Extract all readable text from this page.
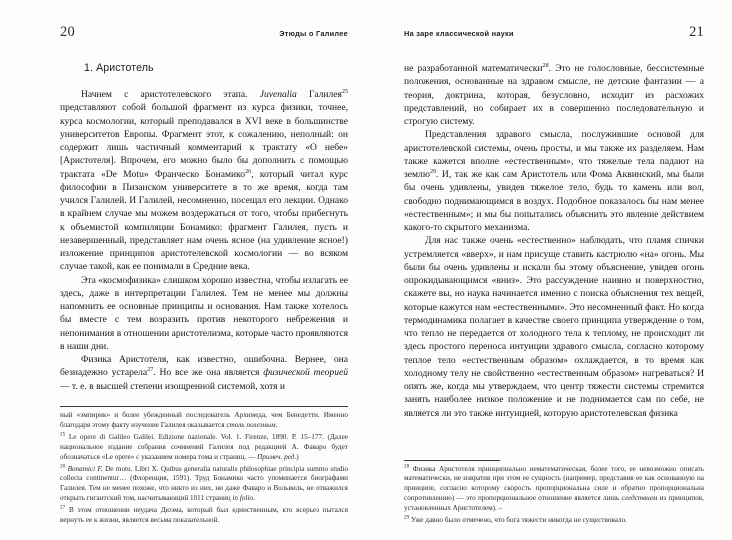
20	Этюды о Галилее
1. Аристотель

Начнем с аристотелевского этапа. Juvenalia Галилея$^{25}$ представляют собой большой фрагмент из курса физики, точнее, курса космологии, который преподавался в XVI веке в большинстве университетов Европы. Фрагмент этот, к сожалению, неполный: он содержит лишь частичный комментарий к трактату «О небе» [Аристотеля]. Впрочем, его можно было бы дополнить с помощью трактата «De Motu» Франческо Бонамико$^{26}$, который читал курс философии в Пизанском университете в то же время, когда там учился Галилей. И Галилей, несомненно, посещал его лекции. Однако в крайнем случае мы можем воздержаться от того, чтобы прибегнуть к объемистой компиляции Бонамико: фрагмент Галилея, пусть и незавершенный, представляет нам очень ясное (на удивление ясное!) изложение принципов аристотелевской космологии — во всяком случае такой, как ее понимали в Средние века.

Эта «космофизика» слишком хорошо известна, чтобы излагать ее здесь, даже в интерпретации Галилея. Тем не менее мы должны напомнить ее основные принципы и основания. Нам также хотелось бы вместе с тем возразить против некоторого небрежения и непонимания в отношении аристотелизма, которые часто проявляются в наши дни.

Физика Аристотеля, как известно, ошибочна. Вернее, она безнадежно устарела$^{27}$. Но все же она является физической теорией — т. е. в высшей степени изощренной системой, хотя и

ный «эмпирик» и более убежденный последователь Архимеда, чем Бенедетти. Именно благодаря этому факту изучение Галилея оказывается столь полезным.

$^{25}$ Le opere di Galileo Galilei. Edizione nazionale. Vol. 1. Firenze, 1890. P. 15–177. (Далее национальное издание собрания сочинений Галилея под редакцией А. Фаваро будет обозначаться «Le opere» с указанием номера тома и страниц. — Примеч. ред.)

$^{26}$ Bonamici F. De motu. Libri X. Quibus generalia naturalis philosophiae principia summo studio collecta continentur… (Флоренция, 1591). Труд Бонамико часто упоминается биографами Галилея. Тем не менее похоже, что никто из них, ни даже Фаваро и Вольвиль, не отважился открыть гигантский том, насчитывающий 1011 страниц in folio.

$^{27}$ В этом отношении неудача Дюэма, который был единственным, кто всерьез пытался вернуть ее к жизни, является весьма показательной.

На заре классической науки	21

не разработанной математически$^{28}$. Это не голословные, бессистемные положения, основанные на здравом смысле, не детские фантазии — а теория, доктрина, которая, безусловно, исходит из расхожих представлений, но собирает их в совершенно последовательную и строгую систему.

Представления здравого смысла, послужившие основой для аристотелевской системы, очень просты, и мы также их разделяем. Нам также кажется вполне «естественным», что тяжелые тела падают на землю$^{29}$. И, так же как сам Аристотель или Фома Аквинский, мы были бы очень удивлены, увидев тяжелое тело, будь то камень или вол, свободно поднимающимся в воздух. Подобное показалось бы нам менее «естественным»; и мы бы попытались объяснить это явление действием какого-то скрытого механизма.

Для нас также очень «естественно» наблюдать, что пламя спички устремляется «вверх», и нам присуще ставить кастрюлю «на» огонь. Мы были бы очень удивлены и искали бы этому объяснение, увидев огонь опрокидывающимся «вниз». Это рассуждение наивно и поверхностно, скажете вы, но наука начинается именно с поиска объяснения тех вещей, которые кажутся нам «естественными». Это несомненный факт. Но когда термодинамика полагает в качестве своего принципа утверждение о том, что тепло не передается от холодного тела к теплому, не происходит ли здесь простого переноса интуиции здравого смысла, согласно которому теплое тело «естественным образом» охлаждается, в то время как холодному телу не свойственно «естественным образом» нагреваться? И опять же, когда мы утверждаем, что центр тяжести системы стремится занять наиболее низкое положение и не поднимается сам по себе, не является ли это также интуицией, которую аристотелевская физика

$^{28}$ Физика Аристотеля принципиально нематематическая, более того, ее невозможно описать математически, не извратив при этом ее сущность (например, представив ее как основанную на принципе, согласно которому скорость пропорциональна силе и обратно пропорциональна сопротивлению) — это пропорциональное отношение является лишь следствием из принципов, установленных Аристотелем). –

$^{29}$ Уже давно было отмечено, что бога тяжести никогда не существовало.
